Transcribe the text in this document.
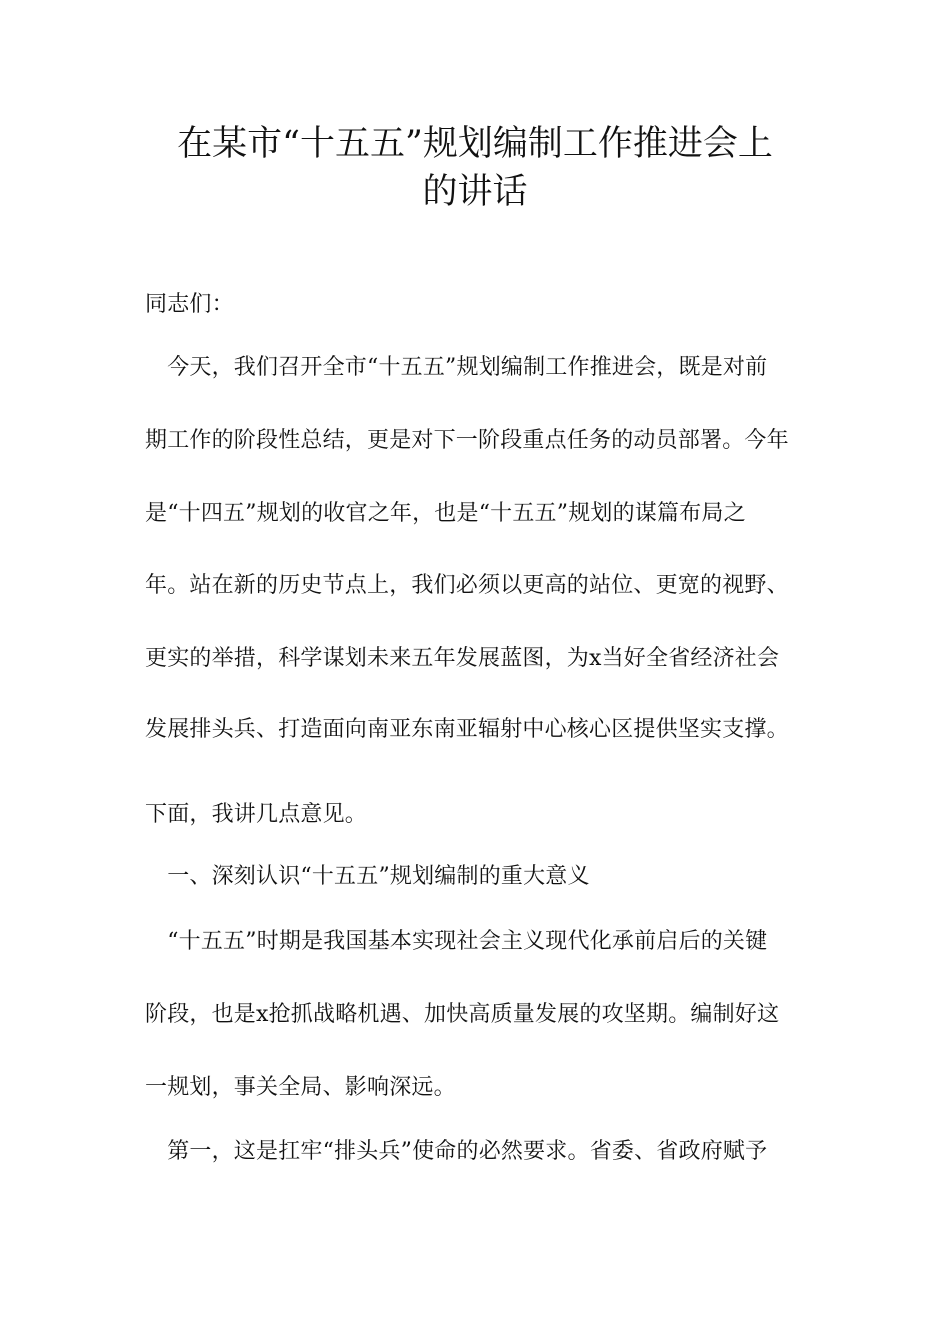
在某市“十五五”规划编制工作推进会上
的讲话
同志们：
　今天，我们召开全市“十五五”规划编制工作推进会，既是对前
期工作的阶段性总结，更是对下一阶段重点任务的动员部署。今年
是“十四五”规划的收官之年，也是“十五五”规划的谋篇布局之
年。站在新的历史节点上，我们必须以更高的站位、更宽的视野、
更实的举措，科学谋划未来五年发展蓝图，为x当好全省经济社会
发展排头兵、打造面向南亚东南亚辐射中心核心区提供坚实支撑。
下面，我讲几点意见。
　一、深刻认识“十五五”规划编制的重大意义
　“十五五”时期是我国基本实现社会主义现代化承前启后的关键
阶段，也是x抢抓战略机遇、加快高质量发展的攻坚期。编制好这
一规划，事关全局、影响深远。
　第一，这是扛牢“排头兵”使命的必然要求。省委、省政府赋予
